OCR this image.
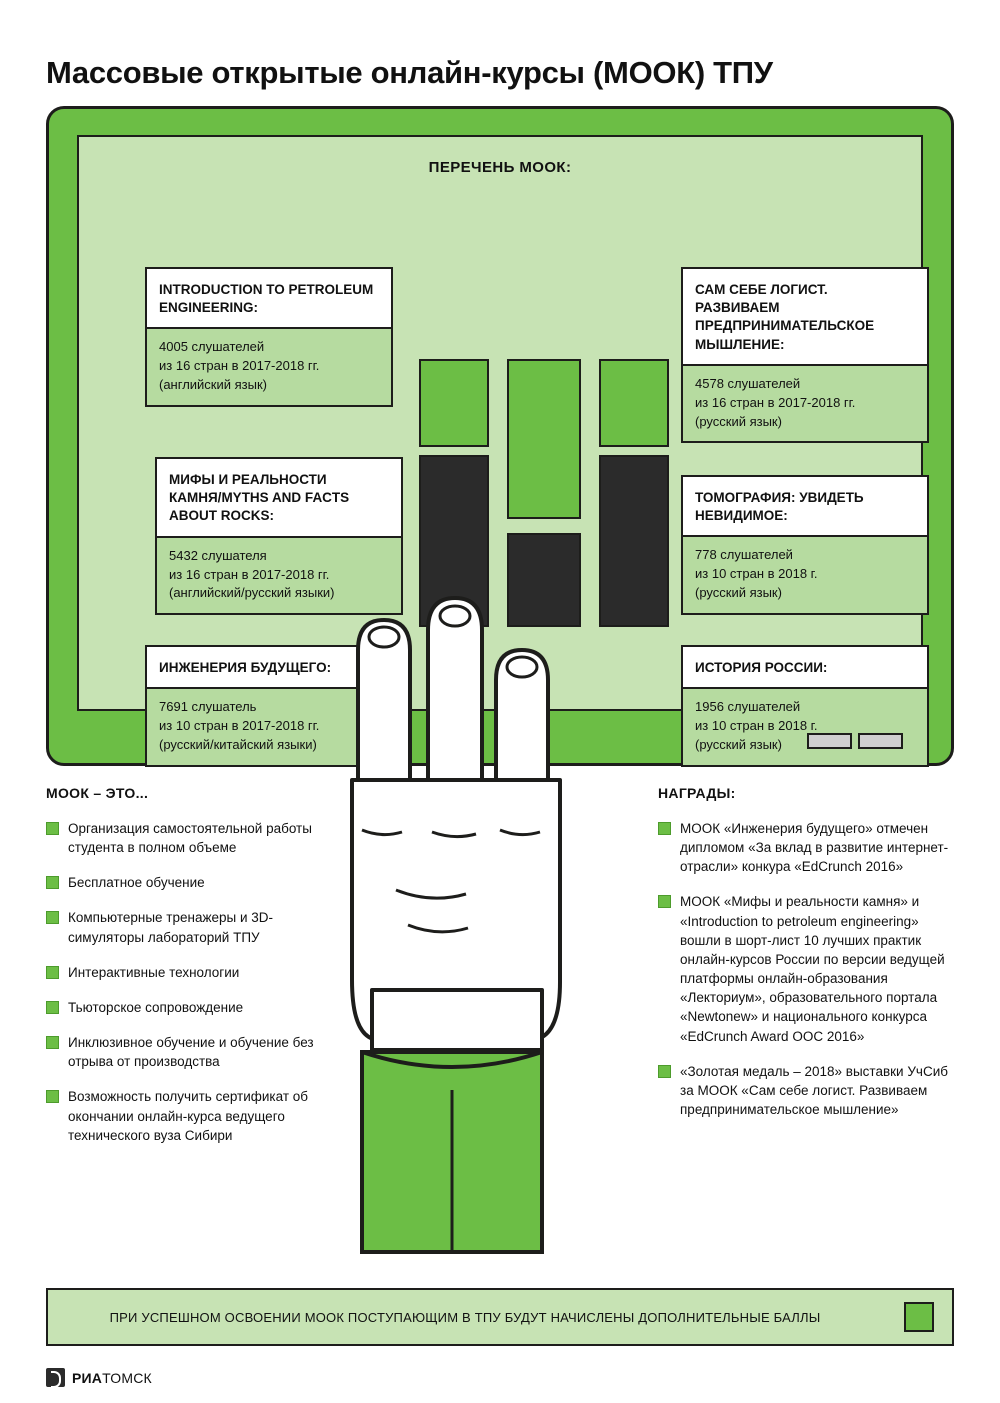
Массовые открытые онлайн-курсы (МООК) ТПУ
ПЕРЕЧЕНЬ МООК:
INTRODUCTION TO PETROLEUM ENGINEERING:
4005 слушателей
из 16 стран в 2017-2018 гг.
(английский язык)
МИФЫ И РЕАЛЬНОСТИ КАМНЯ/MYTHS AND FACTS ABOUT ROCKS:
5432 слушателя
из 16 стран в 2017-2018 гг.
(английский/русский языки)
ИНЖЕНЕРИЯ БУДУЩЕГО:
7691 слушатель
из 10 стран в 2017-2018 гг.
(русский/китайский языки)
САМ СЕБЕ ЛОГИСТ. РАЗВИВАЕМ ПРЕДПРИНИМАТЕЛЬСКОЕ МЫШЛЕНИЕ:
4578 слушателей
из 16 стран в 2017-2018 гг.
(русский язык)
ТОМОГРАФИЯ: УВИДЕТЬ НЕВИДИМОЕ:
778 слушателей
из 10 стран в 2018 г.
(русский язык)
ИСТОРИЯ РОССИИ:
1956 слушателей
из 10 стран в 2018 г.
(русский язык)
МООК – ЭТО...
Организация самостоятельной работы студента в полном объеме
Бесплатное обучение
Компьютерные тренажеры и 3D-симуляторы лабораторий ТПУ
Интерактивные технологии
Тьюторское сопровождение
Инклюзивное обучение и обучение без отрыва от производства
Возможность получить сертификат об окончании онлайн-курса ведущего технического вуза Сибири
НАГРАДЫ:
МООК «Инженерия будущего» отмечен дипломом «За вклад в развитие интернет-отрасли» конкура «EdCrunch 2016»
МООК «Мифы и реальности камня» и «Introduction to petroleum engineering» вошли в шорт-лист 10 лучших практик онлайн-курсов России по версии ведущей платформы онлайн-образования «Лекториум», образовательного портала «Newtonew» и национального конкурса «EdCrunch Award ООС 2016»
«Золотая медаль – 2018» выставки УчСиб за МООК «Сам себе логист. Развиваем предпринимательское мышление»
ПРИ УСПЕШНОМ ОСВОЕНИИ МООК ПОСТУПАЮЩИМ В ТПУ БУДУТ НАЧИСЛЕНЫ ДОПОЛНИТЕЛЬНЫЕ БАЛЛЫ
РИАТОМСК
